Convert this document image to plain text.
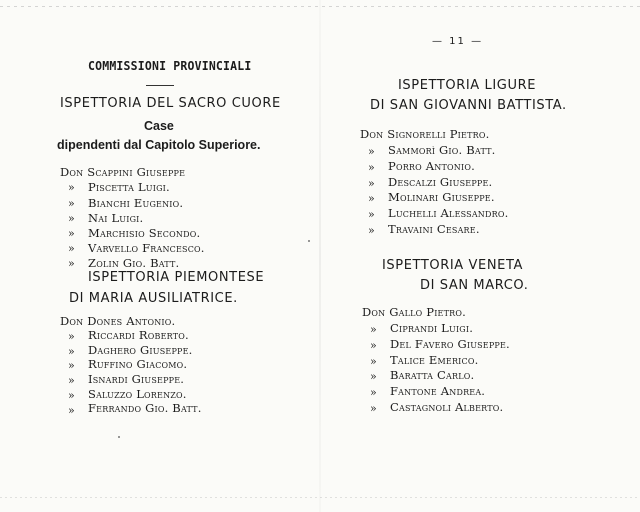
COMMISSIONI PROVINCIALI
ISPETTORIA DEL SACRO CUORE
Case
dipendenti dal Capitolo Superiore.
Don Scappini Giuseppe
» Piscetta Luigi.
» Bianchi Eugenio.
» Nai Luigi.
» Marchisio Secondo.
» Varvello Francesco.
» Zolin Gio. Batt.
ISPETTORIA PIEMONTESE
DI MARIA AUSILIATRICE.
Don Dones Antonio.
» Riccardi Roberto.
» Daghero Giuseppe.
» Ruffino Giacomo.
» Isnardi Giuseppe.
» Saluzzo Lorenzo.
» Ferrando Gio. Batt.
— 11 —
ISPETTORIA LIGURE
DI SAN GIOVANNI BATTISTA.
Don Signorelli Pietro.
» Sammorì Gio. Batt.
» Porro Antonio.
» Descalzi Giuseppe.
» Molinari Giuseppe.
» Luchelli Alessandro.
» Travaini Cesare.
ISPETTORIA VENETA
DI SAN MARCO.
Don Gallo Pietro.
» Ciprandi Luigi.
» Del Favero Giuseppe.
» Talice Emerico.
» Baratta Carlo.
» Fantone Andrea.
» Castagnoli Alberto.
